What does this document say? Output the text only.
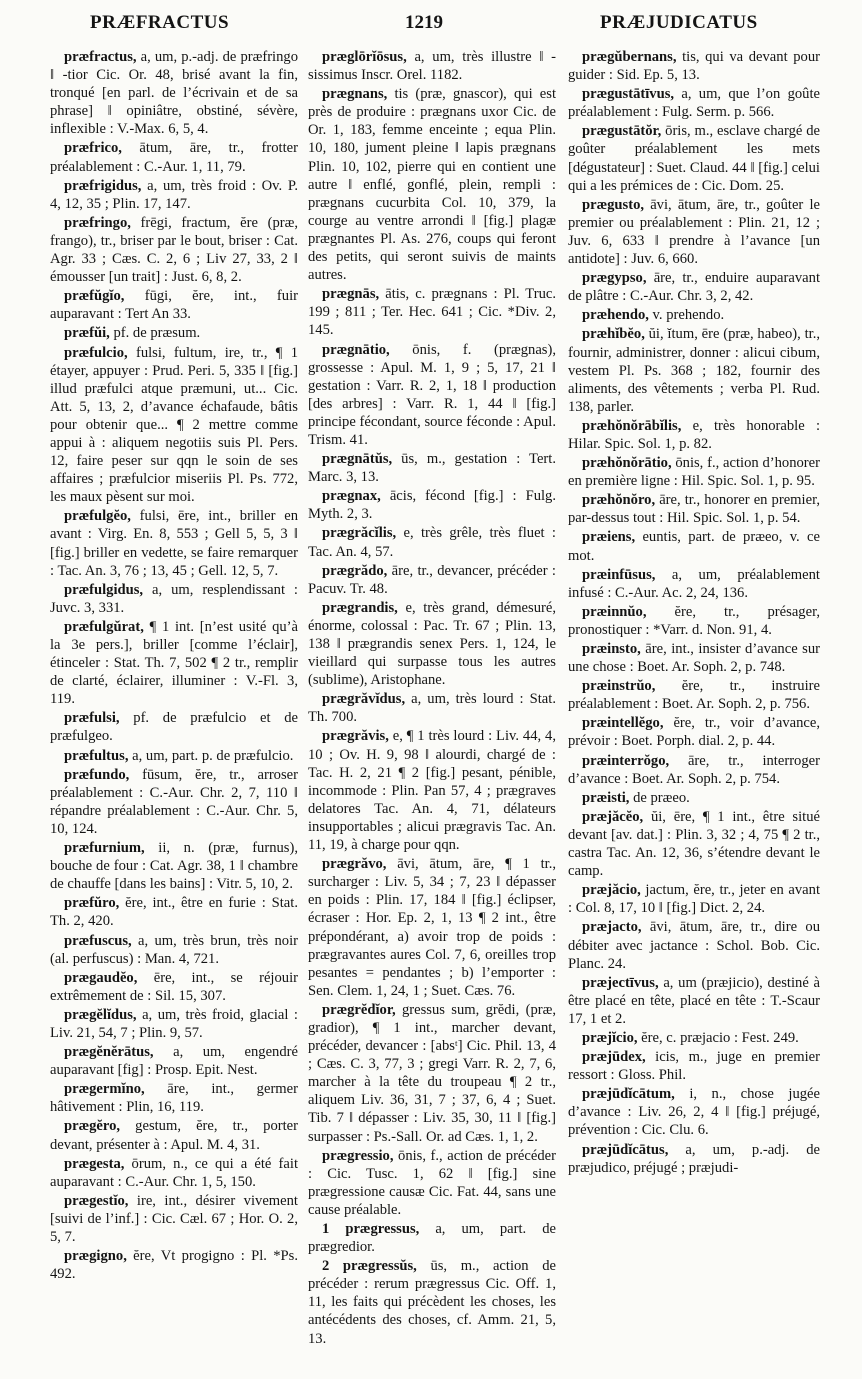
PRÆFRACTUS	1219	PRÆJUDICATUS

præfractus, a, um, p.-adj. de præfringo ǁ -tior Cic. Or. 48, brisé avant la fin, tronqué [en parl. de l’écrivain et de sa phrase] ǁ opiniâtre, obstiné, sévère, inflexible : V.-Max. 6, 5, 4.

præfrico, ātum, āre, tr., frotter préalablement : C.-Aur. 1, 11, 79.

præfrigidus, a, um, très froid : Ov. P. 4, 12, 35 ; Plin. 17, 147.

præfringo, frēgi, fractum, ĕre (præ, frango), tr., briser par le bout, briser : Cat. Agr. 33 ; Cæs. C. 2, 6 ; Liv 27, 33, 2 ǁ émousser [un trait] : Just. 6, 8, 2.

præfŭgĭo, fūgi, ĕre, int., fuir auparavant : Tert An 33.

præfŭi, pf. de præsum.

præfulcio, fulsi, fultum, ire, tr., ¶ 1 étayer, appuyer : Prud. Peri. 5, 335 ǁ [fig.] illud præfulci atque præmuni, ut... Cic. Att. 5, 13, 2, d’avance échafaude, bâtis pour obtenir que... ¶ 2 mettre comme appui à : aliquem negotiis suis Pl. Pers. 12, faire peser sur qqn le soin de ses affaires ; præfulcior miseriis Pl. Ps. 772, les maux pèsent sur moi.

præfulgĕo, fulsi, ēre, int., briller en avant : Virg. En. 8, 553 ; Gell 5, 5, 3 ǁ [fig.] briller en vedette, se faire remarquer : Tac. An. 3, 76 ; 13, 45 ; Gell. 12, 5, 7.

præfulgidus, a, um, resplendissant : Juvc. 3, 331.

præfulgŭrat, ¶ 1 int. [n’est usité qu’à la 3e pers.], briller [comme l’éclair], étinceler : Stat. Th. 7, 502 ¶ 2 tr., remplir de clarté, éclairer, illuminer : V.-Fl. 3, 119.

præfulsi, pf. de præfulcio et de præfulgeo.

præfultus, a, um, part. p. de præfulcio.

præfundo, fūsum, ĕre, tr., arroser préalablement : C.-Aur. Chr. 2, 7, 110 ǁ répandre préalablement : C.-Aur. Chr. 5, 10, 124.

præfurnium, ii, n. (præ, furnus), bouche de four : Cat. Agr. 38, 1 ǁ chambre de chauffe [dans les bains] : Vitr. 5, 10, 2.

præfŭro, ĕre, int., être en furie : Stat. Th. 2, 420.

præfuscus, a, um, très brun, très noir (al. perfuscus) : Man. 4, 721.

prægaudĕo, ēre, int., se réjouir extrêmement de : Sil. 15, 307.

prægĕlĭdus, a, um, très froid, glacial : Liv. 21, 54, 7 ; Plin. 9, 57.

prægĕnĕrātus, a, um, engendré auparavant [fig] : Prosp. Epit. Nest.

prægermĭno, āre, int., germer hâtivement : Plin, 16, 119.

prægĕro, gestum, ĕre, tr., porter devant, présenter à : Apul. M. 4, 31.

prægesta, ōrum, n., ce qui a été fait auparavant : C.-Aur. Chr. 1, 5, 150.

prægestĭo, ire, int., désirer vivement [suivi de l’inf.] : Cic. Cæl. 67 ; Hor. O. 2, 5, 7.

prægigno, ĕre, Vt progigno : Pl. *Ps. 492.

præglōrĭōsus, a, um, très illustre ǁ -sissimus Inscr. Orel. 1182.

prægnans, tis (præ, gnascor), qui est près de produire : prægnans uxor Cic. de Or. 1, 183, femme enceinte ; equa Plin. 10, 180, jument pleine ǁ lapis prægnans Plin. 10, 102, pierre qui en contient une autre ǁ enflé, gonflé, plein, rempli : prægnans cucurbita Col. 10, 379, la courge au ventre arrondi ǁ [fig.] plagæ prægnantes Pl. As. 276, coups qui feront des petits, qui seront suivis de maints autres.

prægnās, ātis, c. prægnans : Pl. Truc. 199 ; 811 ; Ter. Hec. 641 ; Cic. *Div. 2, 145.

prægnātio, ōnis, f. (prægnas), grossesse : Apul. M. 1, 9 ; 5, 17, 21 ǁ gestation : Varr. R. 2, 1, 18 ǁ production [des arbres] : Varr. R. 1, 44 ǁ [fig.] principe fécondant, source féconde : Apul. Trism. 41.

prægnātŭs, ūs, m., gestation : Tert. Marc. 3, 13.

prægnax, ācis, fécond [fig.] : Fulg. Myth. 2, 3.

prægrăcĭlis, e, très grêle, très fluet : Tac. An. 4, 57.

prægrădo, āre, tr., devancer, précéder : Pacuv. Tr. 48.

prægrandis, e, très grand, démesuré, énorme, colossal : Pac. Tr. 67 ; Plin. 13, 138 ǁ prægrandis senex Pers. 1, 124, le vieillard qui surpasse tous les autres (sublime), Aristophane.

prægrăvĭdus, a, um, très lourd : Stat. Th. 700.

prægrăvis, e, ¶ 1 très lourd : Liv. 44, 4, 10 ; Ov. H. 9, 98 ǁ alourdi, chargé de : Tac. H. 2, 21 ¶ 2 [fig.] pesant, pénible, incommode : Plin. Pan 57, 4 ; prægraves delatores Tac. An. 4, 71, délateurs insupportables ; alicui prægravis Tac. An. 11, 19, à charge pour qqn.

prægrăvo, āvi, ātum, āre, ¶ 1 tr., surcharger : Liv. 5, 34 ; 7, 23 ǁ dépasser en poids : Plin. 17, 184 ǁ [fig.] éclipser, écraser : Hor. Ep. 2, 1, 13 ¶ 2 int., être prépondérant, a) avoir trop de poids : prægravantes aures Col. 7, 6, oreilles trop pesantes = pendantes ; b) l’emporter : Sen. Clem. 1, 24, 1 ; Suet. Cæs. 76.

prægrĕdĭor, gressus sum, grĕdi, (præ, gradior), ¶ 1 int., marcher devant, précéder, devancer : [absᵗ] Cic. Phil. 13, 4 ; Cæs. C. 3, 77, 3 ; gregi Varr. R. 2, 7, 6, marcher à la tête du troupeau ¶ 2 tr., aliquem Liv. 36, 31, 7 ; 37, 6, 4 ; Suet. Tib. 7 ǁ dépasser : Liv. 35, 30, 11 ǁ [fig.] surpasser : Ps.-Sall. Or. ad Cæs. 1, 1, 2.

prægressio, ōnis, f., action de précéder : Cic. Tusc. 1, 62 ǁ [fig.] sine prægressione causæ Cic. Fat. 44, sans une cause préalable.

1 prægressus, a, um, part. de prægredior.

2 prægressŭs, ūs, m., action de précéder : rerum prægressus Cic. Off. 1, 11, les faits qui précèdent les choses, les antécédents des choses, cf. Amm. 21, 5, 13.

prægŭbernans, tis, qui va devant pour guider : Sid. Ep. 5, 13.

prægustātīvus, a, um, que l’on goûte préalablement : Fulg. Serm. p. 566.

prægustātŏr, ōris, m., esclave chargé de goûter préalablement les mets [dégustateur] : Suet. Claud. 44 ǁ [fig.] celui qui a les prémices de : Cic. Dom. 25.

prægusto, āvi, ātum, āre, tr., goûter le premier ou préalablement : Plin. 21, 12 ; Juv. 6, 633 ǁ prendre à l’avance [un antidote] : Juv. 6, 660.

prægypso, āre, tr., enduire auparavant de plâtre : C.-Aur. Chr. 3, 2, 42.

præhendo, v. prehendo.

præhĭbĕo, ŭi, ĭtum, ēre (præ, habeo), tr., fournir, administrer, donner : alicui cibum, vestem Pl. Ps. 368 ; 182, fournir des aliments, des vêtements ; verba Pl. Rud. 138, parler.

præhŏnŏrābĭlis, e, très honorable : Hilar. Spic. Sol. 1, p. 82.

præhŏnŏrātio, ōnis, f., action d’honorer en première ligne : Hil. Spic. Sol. 1, p. 95.

præhŏnŏro, āre, tr., honorer en premier, par-dessus tout : Hil. Spic. Sol. 1, p. 54.

præiens, euntis, part. de præeo, v. ce mot.

præinfūsus, a, um, préalablement infusé : C.-Aur. Ac. 2, 24, 136.

præinnŭo, ĕre, tr., présager, pronostiquer : *Varr. d. Non. 91, 4.

præinsto, āre, int., insister d’avance sur une chose : Boet. Ar. Soph. 2, p. 748.

præinstrŭo, ĕre, tr., instruire préalablement : Boet. Ar. Soph. 2, p. 756.

præintellĕgo, ĕre, tr., voir d’avance, prévoir : Boet. Porph. dial. 2, p. 44.

præinterrŏgo, āre, tr., interroger d’avance : Boet. Ar. Soph. 2, p. 754.

præisti, de præeo.

præjăcĕo, ŭi, ēre, ¶ 1 int., être situé devant [av. dat.] : Plin. 3, 32 ; 4, 75 ¶ 2 tr., castra Tac. An. 12, 36, s’étendre devant le camp.

præjăcio, jactum, ĕre, tr., jeter en avant : Col. 8, 17, 10 ǁ [fig.] Dict. 2, 24.

præjacto, āvi, ātum, āre, tr., dire ou débiter avec jactance : Schol. Bob. Cic. Planc. 24.

præjectīvus, a, um (præjicio), destiné à être placé en tête, placé en tête : T.-Scaur 17, 1 et 2.

præjĭcio, ĕre, c. præjacio : Fest. 249.

præjūdex, icis, m., juge en premier ressort : Gloss. Phil.

præjūdĭcātum, i, n., chose jugée d’avance : Liv. 26, 2, 4 ǁ [fig.] préjugé, prévention : Cic. Clu. 6.

præjūdĭcātus, a, um, p.-adj. de præjudico, préjugé ; præjudi-
